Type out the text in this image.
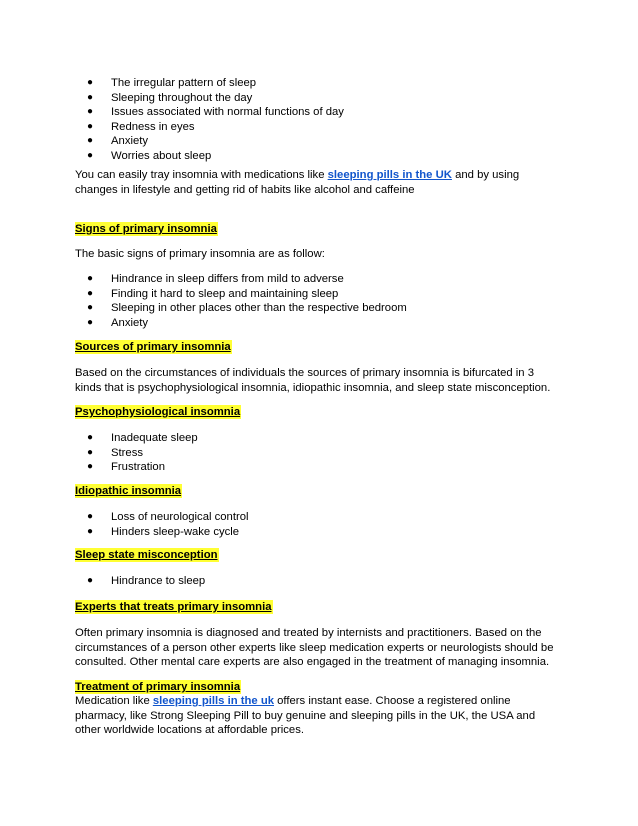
● The irregular pattern of sleep
● Sleeping throughout the day
● Issues associated with normal functions of day
● Redness in eyes
● Anxiety
● Worries about sleep

You can easily tray insomnia with medications like sleeping pills in the UK and by using

changes in lifestyle and getting rid of habits like alcohol and caffeine

Signs of primary insomnia

The basic signs of primary insomnia are as follow:

● Hindrance in sleep differs from mild to adverse
● Finding it hard to sleep and maintaining sleep
● Sleeping in other places other than the respective bedroom
● Anxiety
Sources of primary insomnia

Based on the circumstances of individuals the sources of primary insomnia is bifurcated in 3

kinds that is psychophysiological insomnia, idiopathic insomnia, and sleep state misconception.

Psychophysiological insomnia
● Inadequate sleep
● Stress
● Frustration
Idiopathic insomnia
● Loss of neurological control
● Hinders sleep-wake cycle
Sleep state misconception
● Hindrance to sleep
Experts that treats primary insomnia

Often primary insomnia is diagnosed and treated by internists and practitioners. Based on the

circumstances of a person other experts like sleep medication experts or neurologists should be

consulted. Other mental care experts are also engaged in the treatment of managing insomnia.

Treatment of primary insomnia

Medication like sleeping pills in the uk offers instant ease. Choose a registered online

pharmacy, like Strong Sleeping Pill to buy genuine and sleeping pills in the UK, the USA and

other worldwide locations at affordable prices.
